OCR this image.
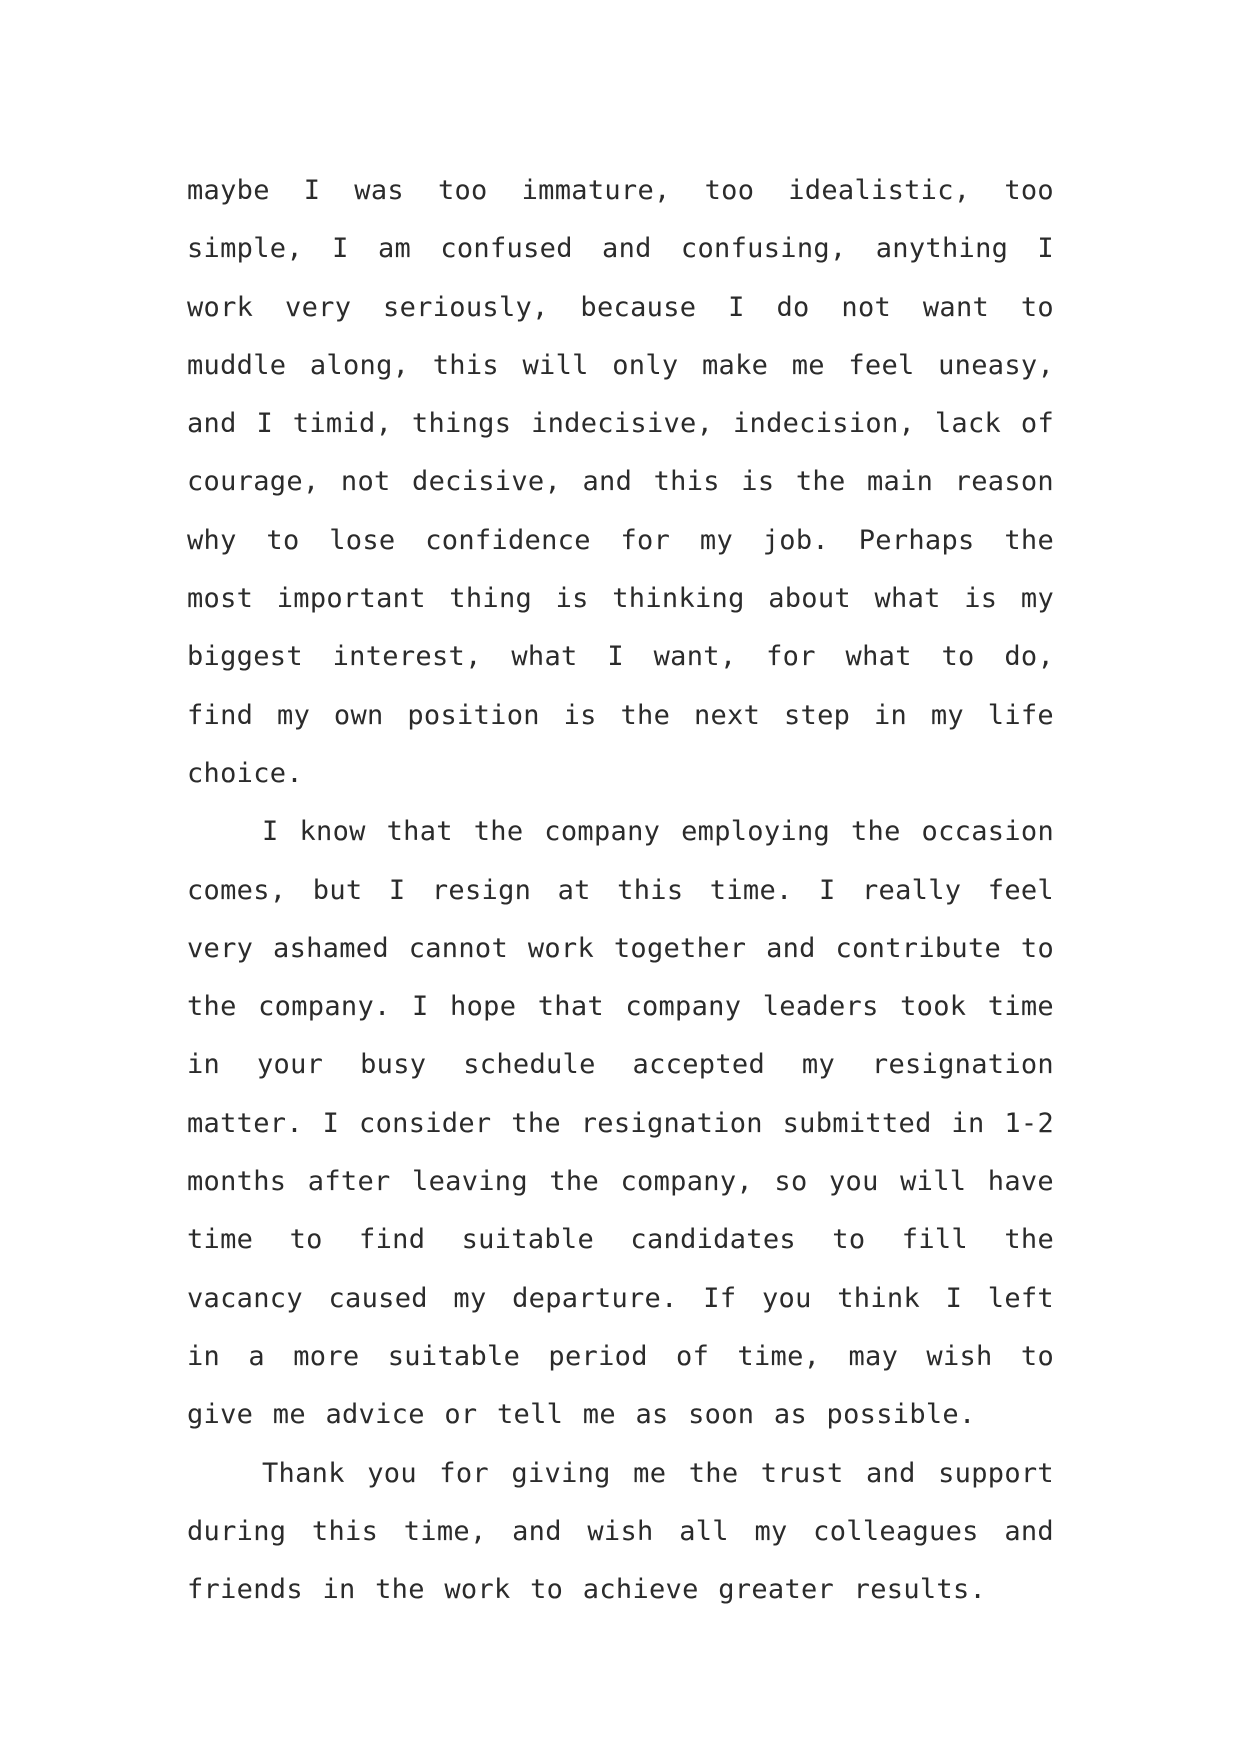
maybe I was too immature, too idealistic, too simple, I am confused and confusing, anything I work very seriously, because I do not want to muddle along, this will only make me feel uneasy, and I timid, things indecisive, indecision, lack of courage, not decisive, and this is the main reason why to lose confidence for my job. Perhaps the most important thing is thinking about what is my biggest interest, what I want, for what to do, find my own position is the next step in my life choice.

I know that the company employing the occasion comes, but I resign at this time. I really feel very ashamed cannot work together and contribute to the company. I hope that company leaders took time in your busy schedule accepted my resignation matter. I consider the resignation submitted in 1-2 months after leaving the company, so you will have time to find suitable candidates to fill the vacancy caused my departure. If you think I left in a more suitable period of time, may wish to give me advice or tell me as soon as possible.

Thank you for giving me the trust and support during this time, and wish all my colleagues and friends in the work to achieve greater results.
